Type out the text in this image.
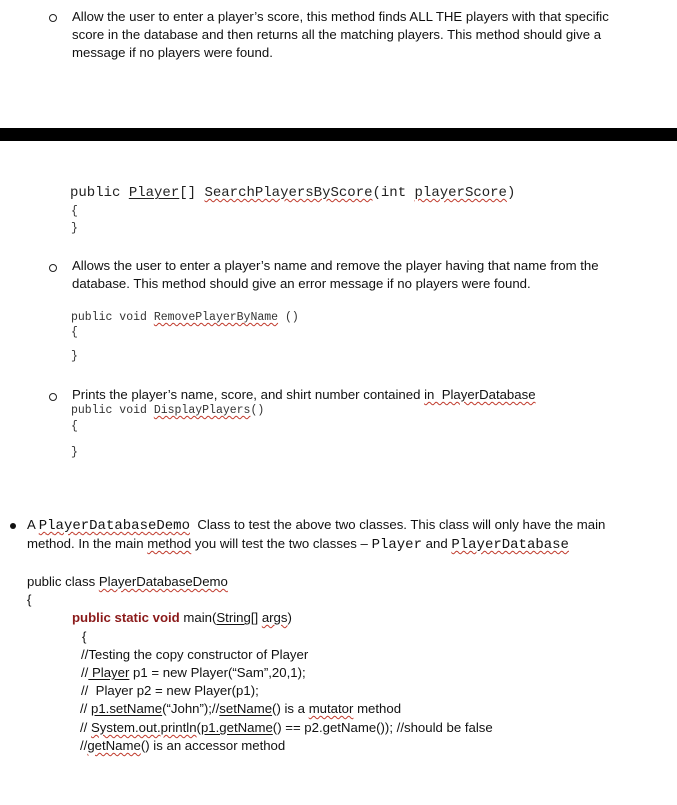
Allow the user to enter a player’s score, this method finds ALL THE players with that specific
score in the database and then returns all the matching players. This method should give a
message if no players were found.
public Player[] SearchPlayersByScore(int playerScore)
{
}
Allows the user to enter a player’s name and remove the player having that name from the
database. This method should give an error message if no players were found.
public void RemovePlayerByName ()
{
}
Prints the player’s name, score, and shirt number contained in  PlayerDatabase
public void DisplayPlayers()
{
}
A PlayerDatabaseDemo Class to test the above two classes. This class will only have the main
method. In the main method you will test the two classes – Player and PlayerDatabase
public class PlayerDatabaseDemo
{
public static void main(String[] args)
{
//Testing the copy constructor of Player
// Player p1 = new Player(“Sam”,20,1);
//  Player p2 = new Player(p1);
// p1.setName(“John”);//setName() is a mutator method
// System.out.println(p1.getName() == p2.getName()); //should be false
//getName() is an accessor method
